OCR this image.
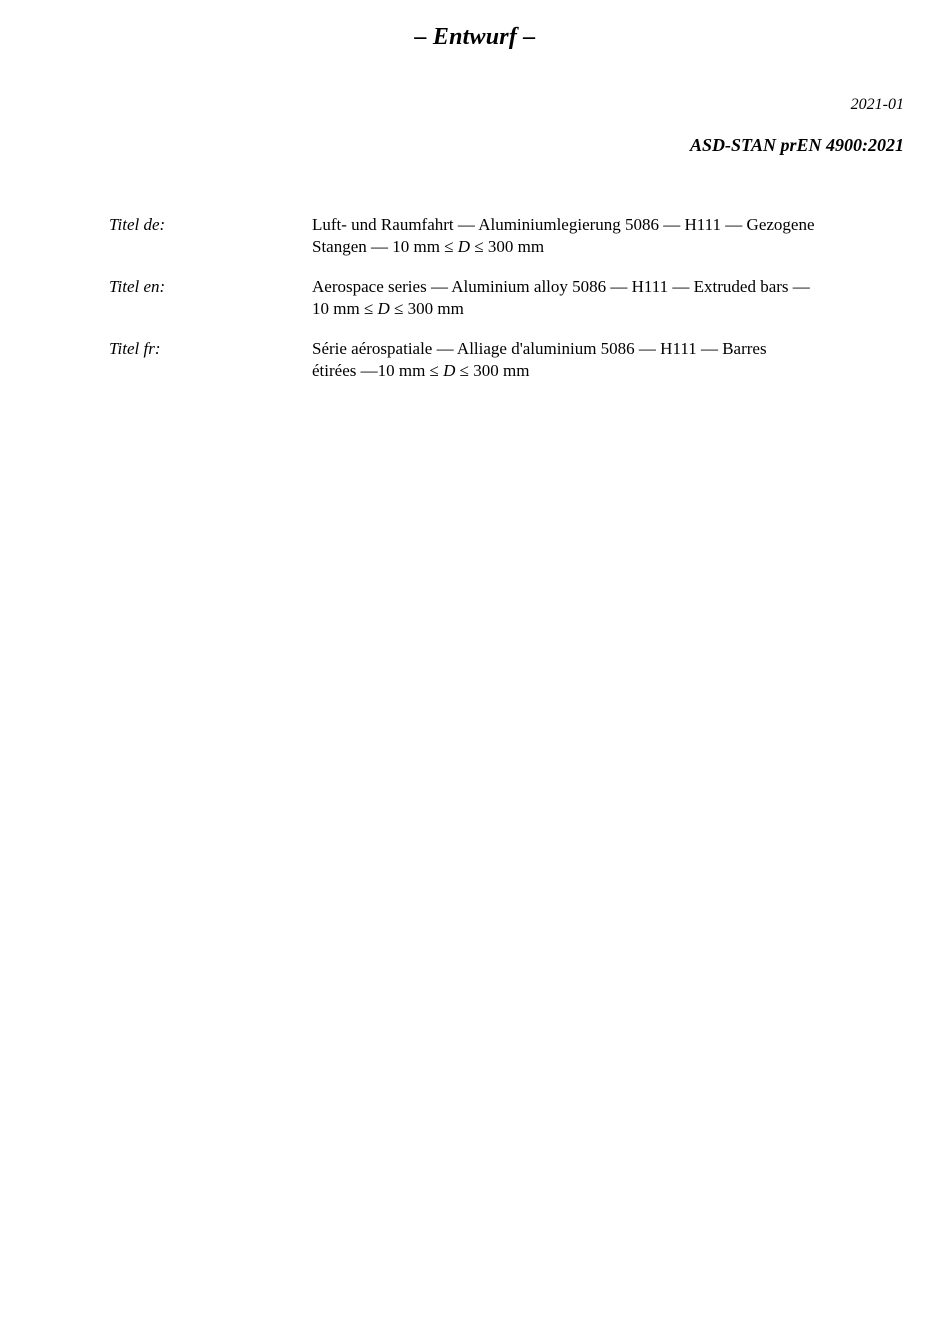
– Entwurf –
2021-01
ASD-STAN prEN 4900:2021
Titel de:	Luft- und Raumfahrt — Aluminiumlegierung 5086 — H111 — Gezogene
Stangen — 10 mm ≤ D ≤ 300 mm
Titel en:	Aerospace series — Aluminium alloy 5086 — H111 — Extruded bars —
10 mm ≤ D ≤ 300 mm
Titel fr:	Série aérospatiale — Alliage d'aluminium 5086 — H111 — Barres
étirées —10 mm ≤ D ≤ 300 mm
